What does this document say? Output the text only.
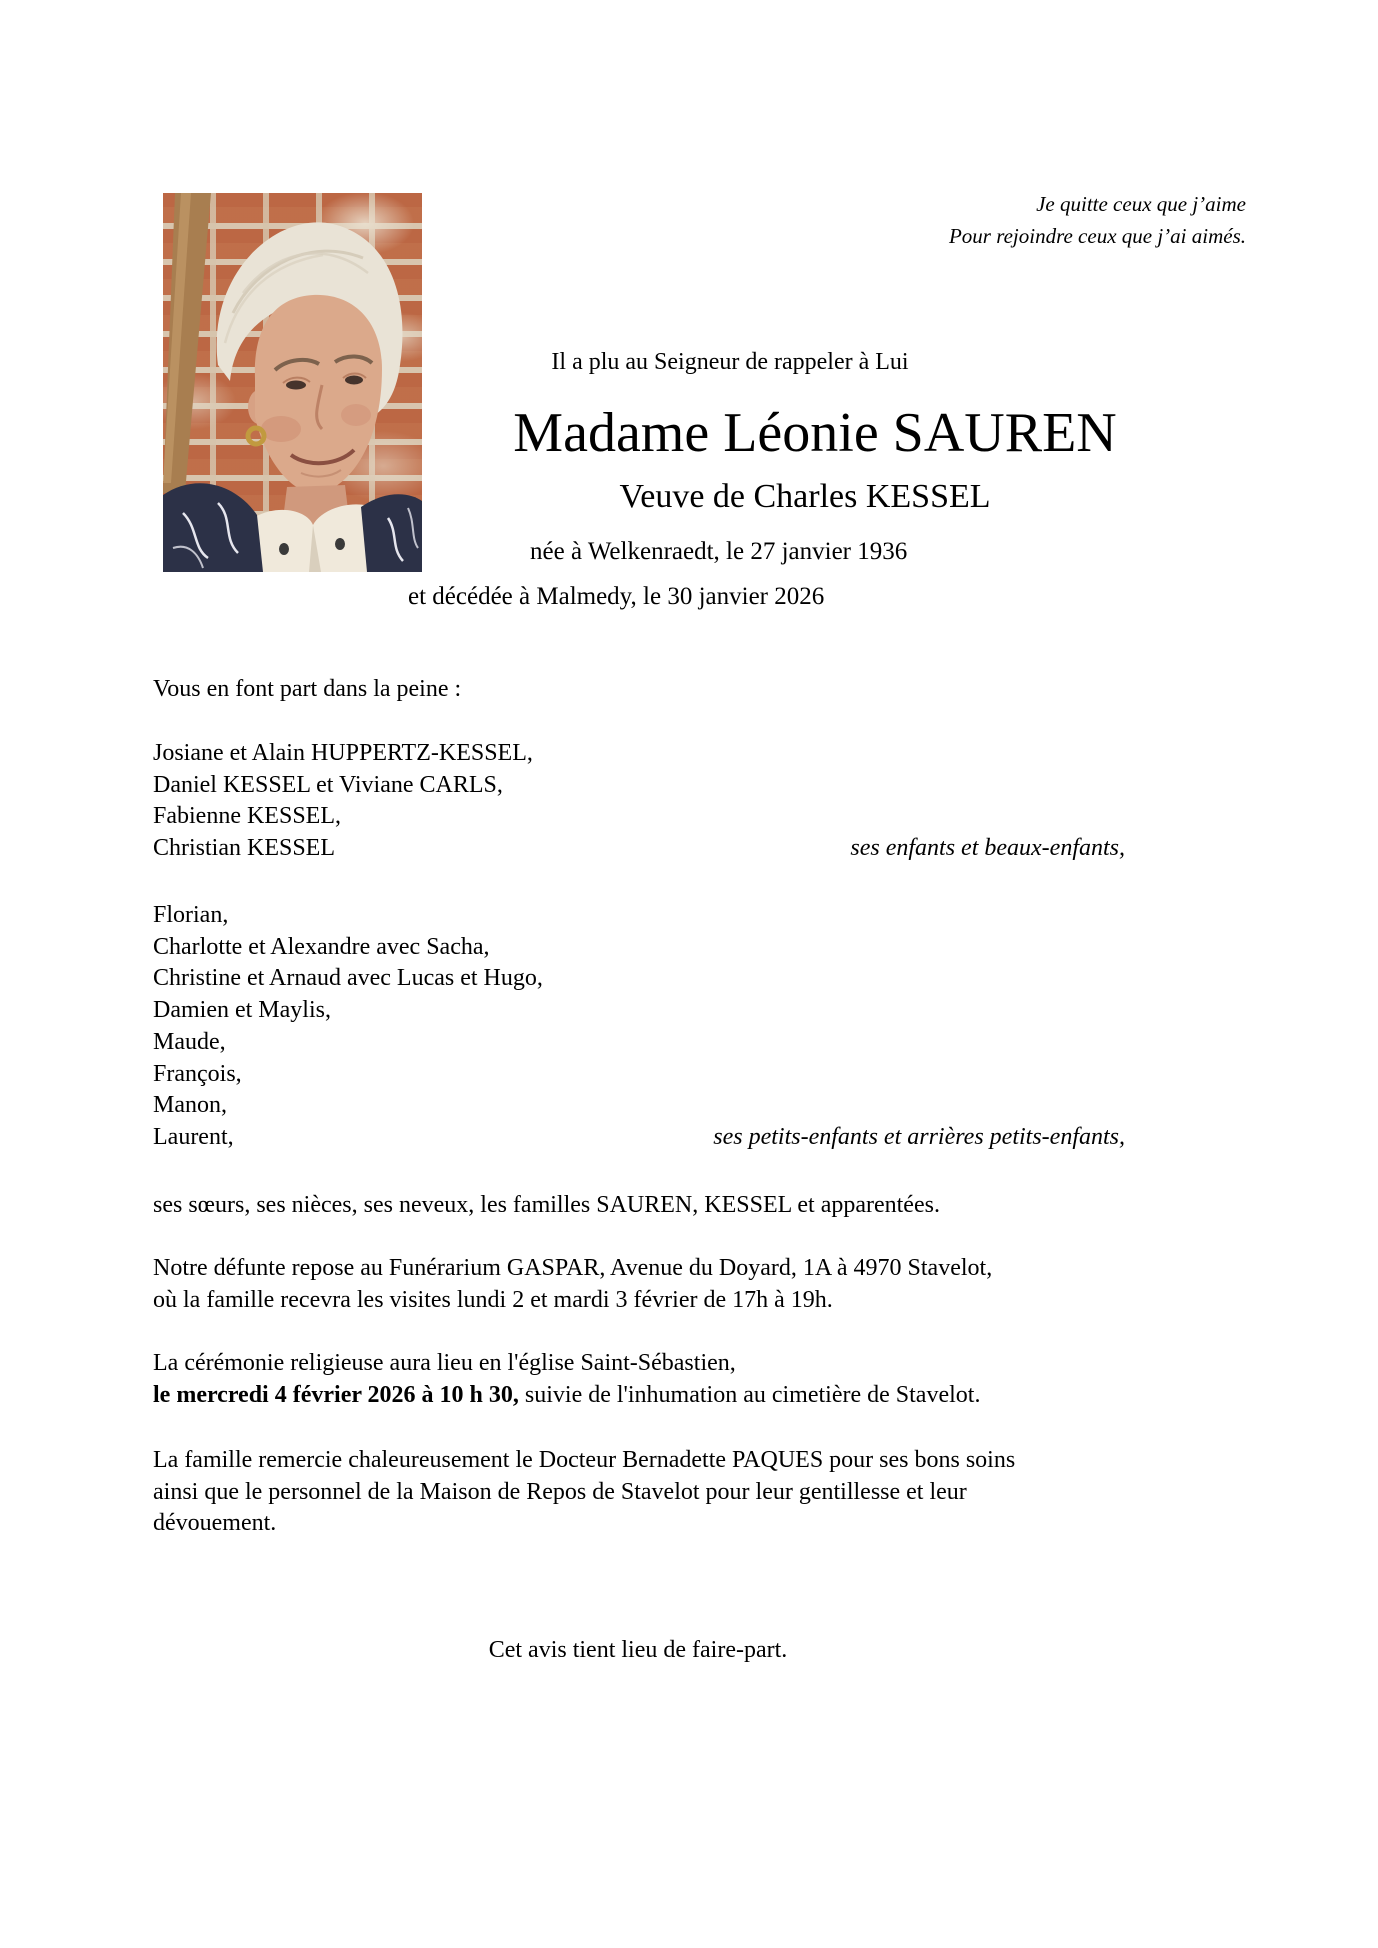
Je quitte ceux que j’aime
Pour rejoindre ceux que j’ai aimés.
Il a plu au Seigneur de rappeler à Lui
Madame Léonie SAUREN
Veuve de Charles KESSEL
née à Welkenraedt, le 27 janvier 1936
et décédée à Malmedy, le 30 janvier 2026
Vous en font part dans la peine :
Josiane et Alain HUPPERTZ-KESSEL,
Daniel KESSEL et Viviane CARLS,
Fabienne KESSEL,
Christian KESSEL	ses enfants et beaux-enfants,
Florian,
Charlotte et Alexandre avec Sacha,
Christine et Arnaud avec Lucas et Hugo,
Damien et Maylis,
Maude,
François,
Manon,
Laurent,	ses petits-enfants et arrières petits-enfants,
ses sœurs, ses nièces, ses neveux, les familles SAUREN, KESSEL et apparentées.
Notre défunte repose au Funérarium GASPAR, Avenue du Doyard, 1A à 4970 Stavelot,
où la famille recevra les visites lundi 2 et mardi 3 février de 17h à 19h.
La cérémonie religieuse aura lieu en l'église Saint-Sébastien,
le mercredi 4 février 2026 à 10 h 30, suivie de l'inhumation au cimetière de Stavelot.
La famille remercie chaleureusement le Docteur Bernadette PAQUES pour ses bons soins
ainsi que le personnel de la Maison de Repos de Stavelot pour leur gentillesse et leur
dévouement.
Cet avis tient lieu de faire-part.
